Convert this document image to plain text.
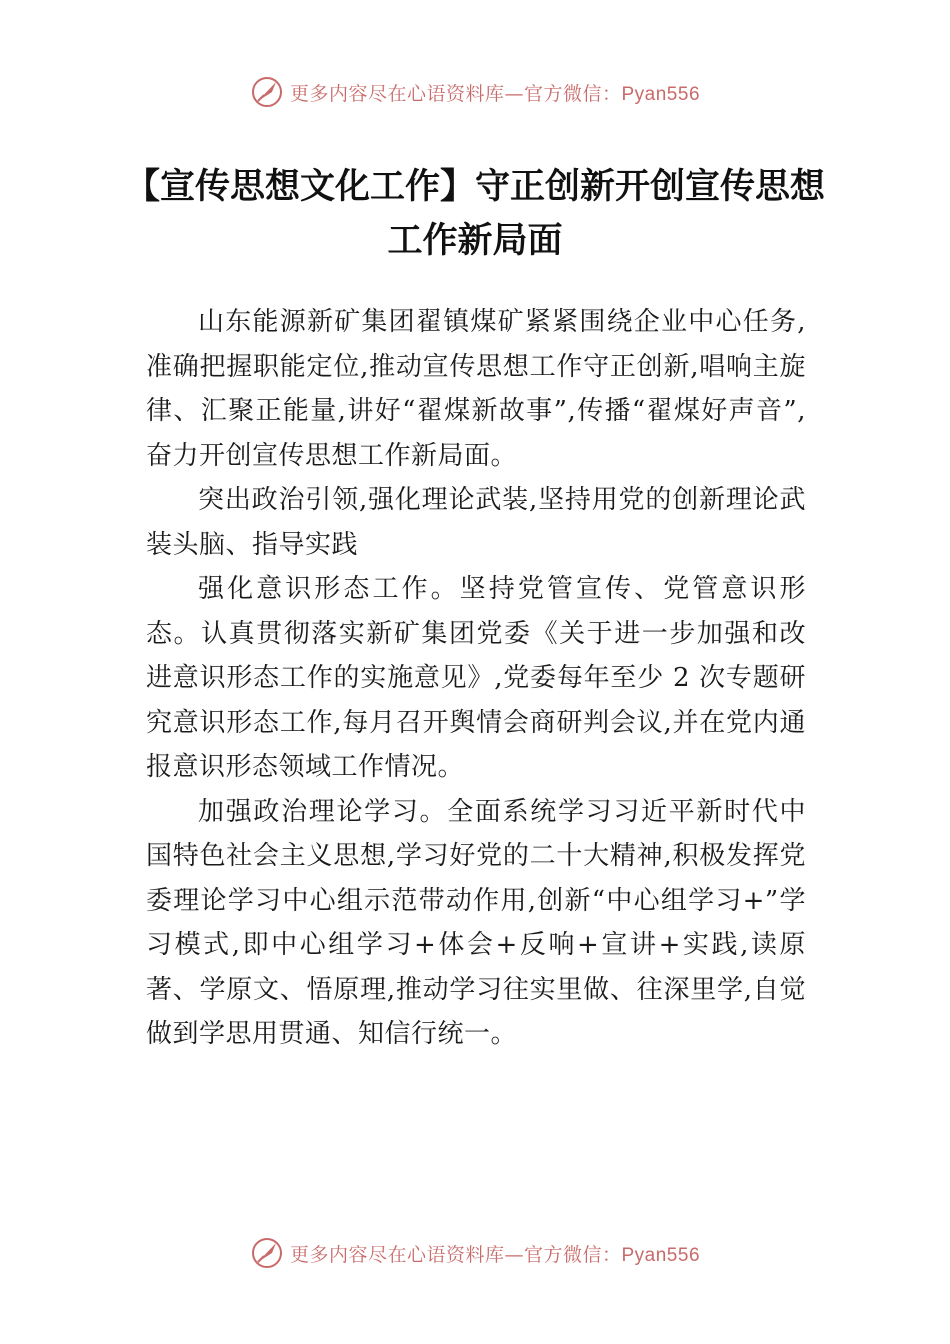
更多内容尽在心语资料库—官方微信：Pyan556
【宣传思想文化工作】守正创新开创宣传思想工作新局面

山东能源新矿集团翟镇煤矿紧紧围绕企业中心任务,准确把握职能定位,推动宣传思想工作守正创新,唱响主旋律、汇聚正能量,讲好“翟煤新故事”,传播“翟煤好声音”,奋力开创宣传思想工作新局面。

突出政治引领,强化理论武装,坚持用党的创新理论武装头脑、指导实践

强化意识形态工作。坚持党管宣传、党管意识形态。认真贯彻落实新矿集团党委《关于进一步加强和改进意识形态工作的实施意见》,党委每年至少 2 次专题研究意识形态工作,每月召开舆情会商研判会议,并在党内通报意识形态领域工作情况。

加强政治理论学习。全面系统学习习近平新时代中国特色社会主义思想,学习好党的二十大精神,积极发挥党委理论学习中心组示范带动作用,创新“中心组学习+”学习模式,即中心组学习+体会+反响+宣讲+实践,读原著、学原文、悟原理,推动学习往实里做、往深里学,自觉做到学思用贯通、知信行统一。

更多内容尽在心语资料库—官方微信：Pyan556
